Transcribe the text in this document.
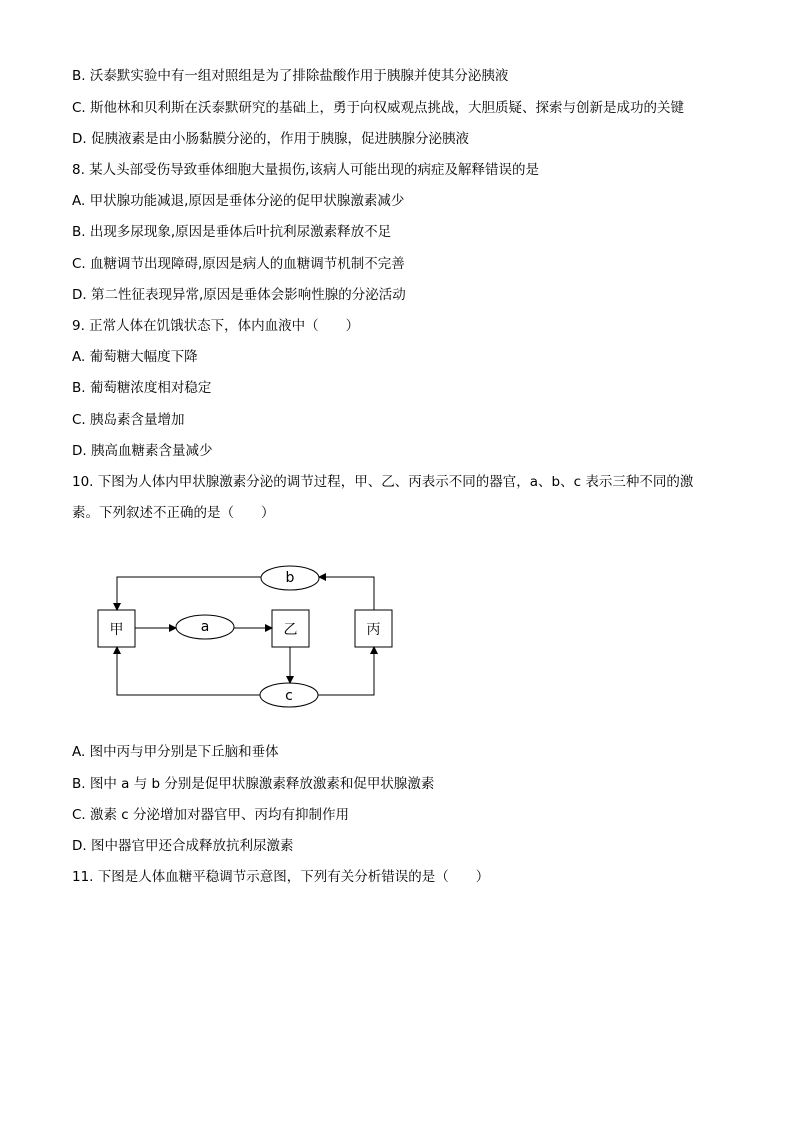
B. 沃泰默实验中有一组对照组是为了排除盐酸作用于胰腺并使其分泌胰液
C. 斯他林和贝利斯在沃泰默研究的基础上，勇于向权威观点挑战，大胆质疑、探索与创新是成功的关键
D. 促胰液素是由小肠黏膜分泌的，作用于胰腺，促进胰腺分泌胰液
8. 某人头部受伤导致垂体细胞大量损伤,该病人可能出现的病症及解释错误的是
A. 甲状腺功能减退,原因是垂体分泌的促甲状腺激素减少
B. 出现多尿现象,原因是垂体后叶抗利尿激素释放不足
C. 血糖调节出现障碍,原因是病人的血糖调节机制不完善
D. 第二性征表现异常,原因是垂体会影响性腺的分泌活动
9. 正常人体在饥饿状态下，体内血液中（　　）
A. 葡萄糖大幅度下降
B. 葡萄糖浓度相对稳定
C. 胰岛素含量增加
D. 胰高血糖素含量减少
10. 下图为人体内甲状腺激素分泌的调节过程，甲、乙、丙表示不同的器官，a、b、c 表示三种不同的激
素。下列叙述不正确的是（　　）
甲	乙	丙
b
a
c
A. 图中丙与甲分别是下丘脑和垂体
B. 图中 a 与 b 分别是促甲状腺激素释放激素和促甲状腺激素
C. 激素 c 分泌增加对器官甲、丙均有抑制作用
D. 图中器官甲还合成释放抗利尿激素
11. 下图是人体血糖平稳调节示意图，下列有关分析错误的是（　　）
